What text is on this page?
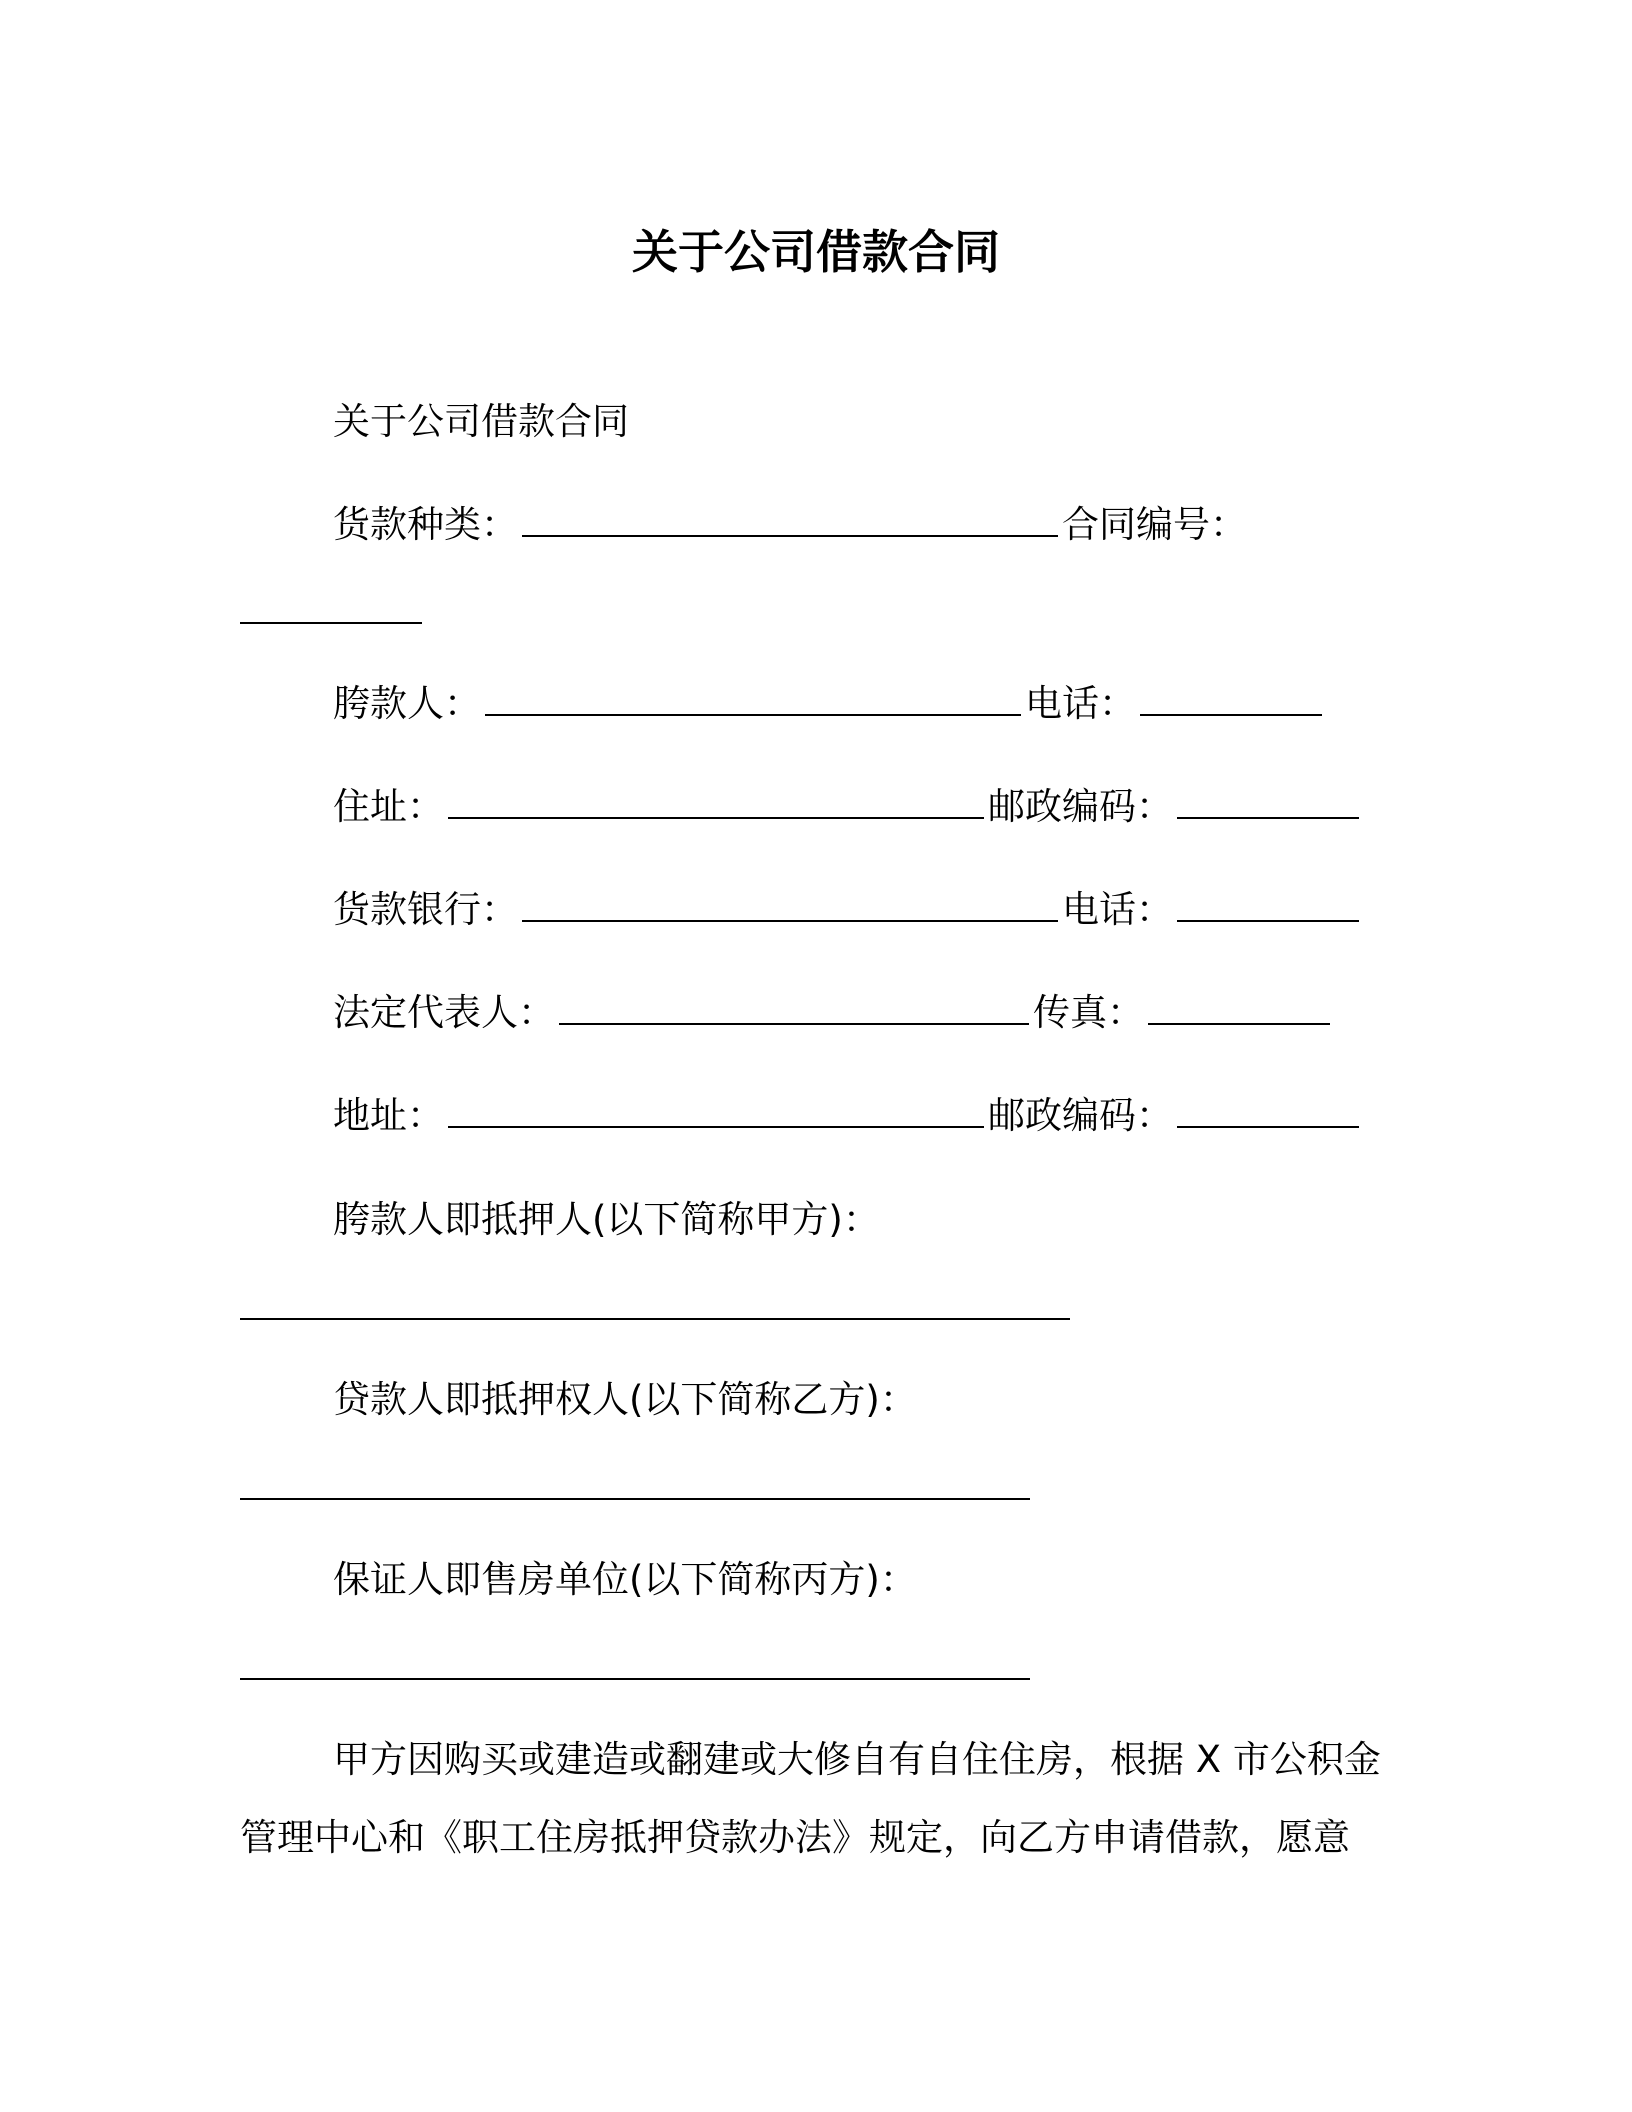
关于公司借款合同
关于公司借款合同
货款种类：	合同编号：
胯款人：	电话：
住址：	邮政编码：
货款银行：	电话：
法定代表人：	传真：
地址：	邮政编码：
胯款人即抵押人(以下简称甲方)：
贷款人即抵押权人(以下简称乙方)：
保证人即售房单位(以下简称丙方)：
甲方因购买或建造或翻建或大修自有自住住房，根据 X 市公积金
管理中心和《职工住房抵押贷款办法》规定，向乙方申请借款，愿意
